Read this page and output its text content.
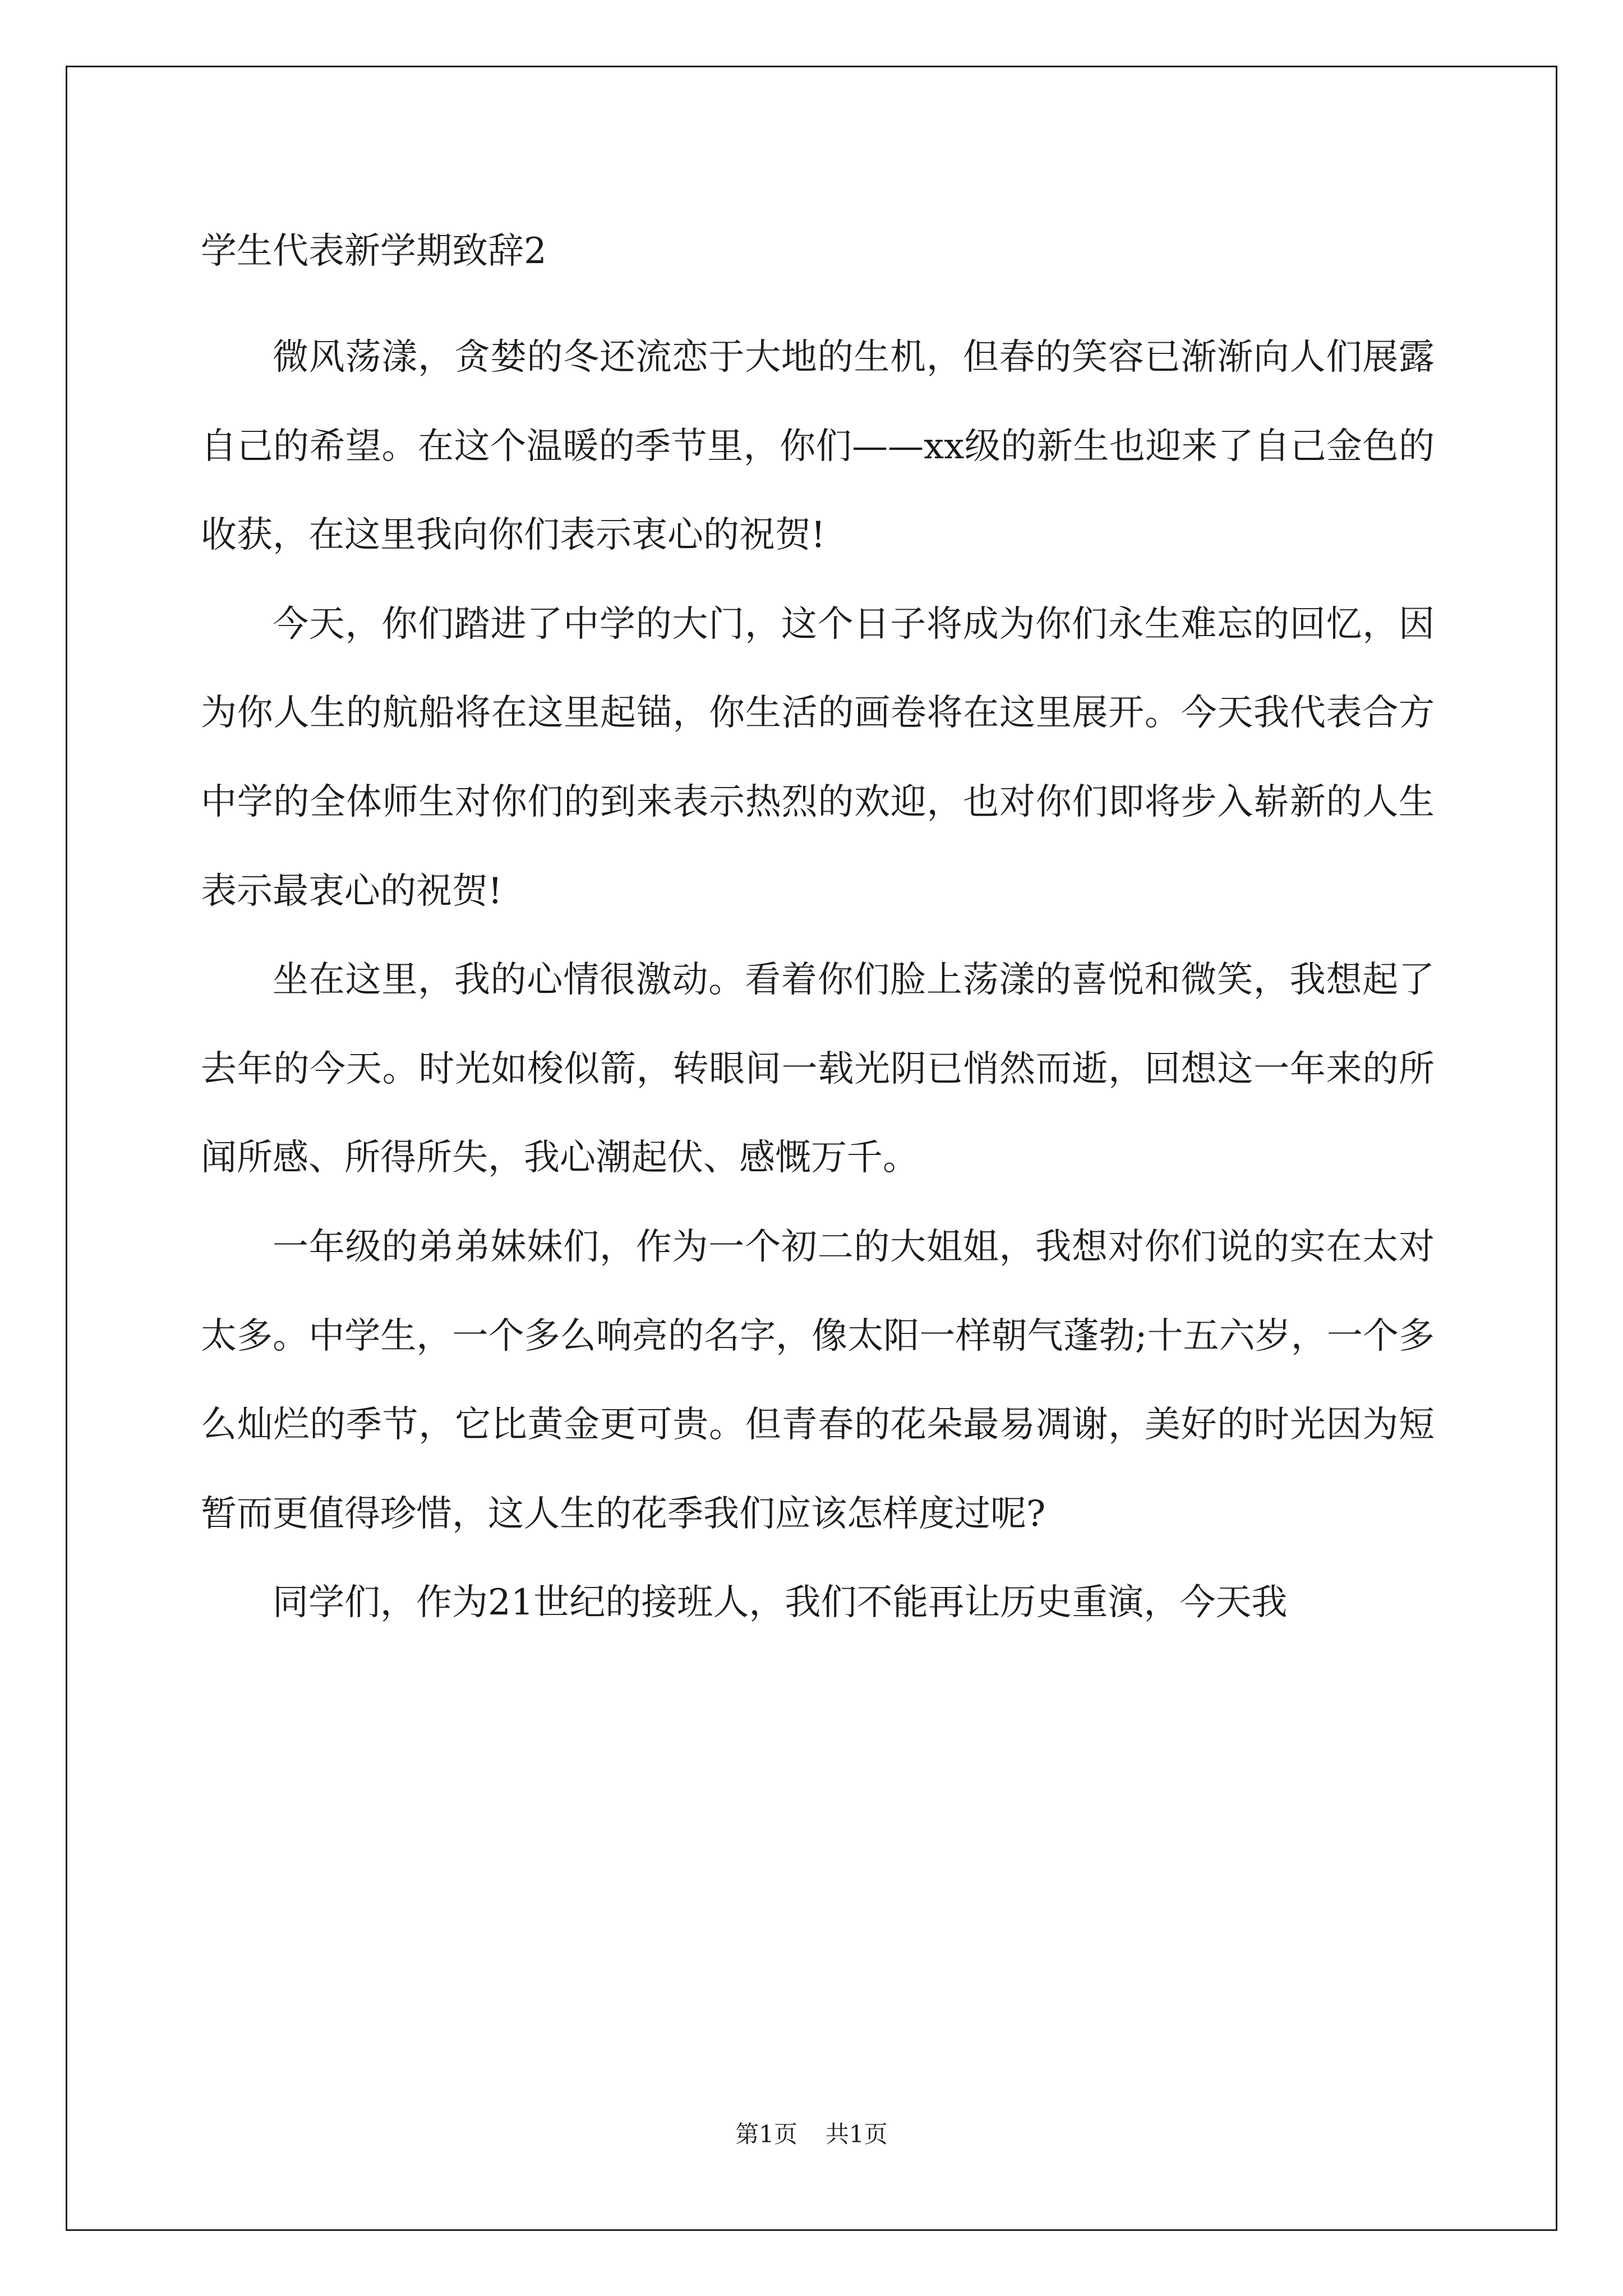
学生代表新学期致辞2

微风荡漾，贪婪的冬还流恋于大地的生机，但春的笑容已渐渐向人们展露自己的希望。在这个温暖的季节里，你们——xx级的新生也迎来了自己金色的收获，在这里我向你们表示衷心的祝贺!

今天，你们踏进了中学的大门，这个日子将成为你们永生难忘的回忆，因为你人生的航船将在这里起锚，你生活的画卷将在这里展开。今天我代表合方中学的全体师生对你们的到来表示热烈的欢迎，也对你们即将步入崭新的人生表示最衷心的祝贺!

坐在这里，我的心情很激动。看着你们脸上荡漾的喜悦和微笑，我想起了去年的今天。时光如梭似箭，转眼间一载光阴已悄然而逝，回想这一年来的所闻所感、所得所失，我心潮起伏、感慨万千。

一年级的弟弟妹妹们，作为一个初二的大姐姐，我想对你们说的实在太对太多。中学生，一个多么响亮的名字，像太阳一样朝气蓬勃;十五六岁，一个多么灿烂的季节，它比黄金更可贵。但青春的花朵最易凋谢，美好的时光因为短暂而更值得珍惜，这人生的花季我们应该怎样度过呢?

同学们，作为21世纪的接班人，我们不能再让历史重演，今天我

第1页 共1页
